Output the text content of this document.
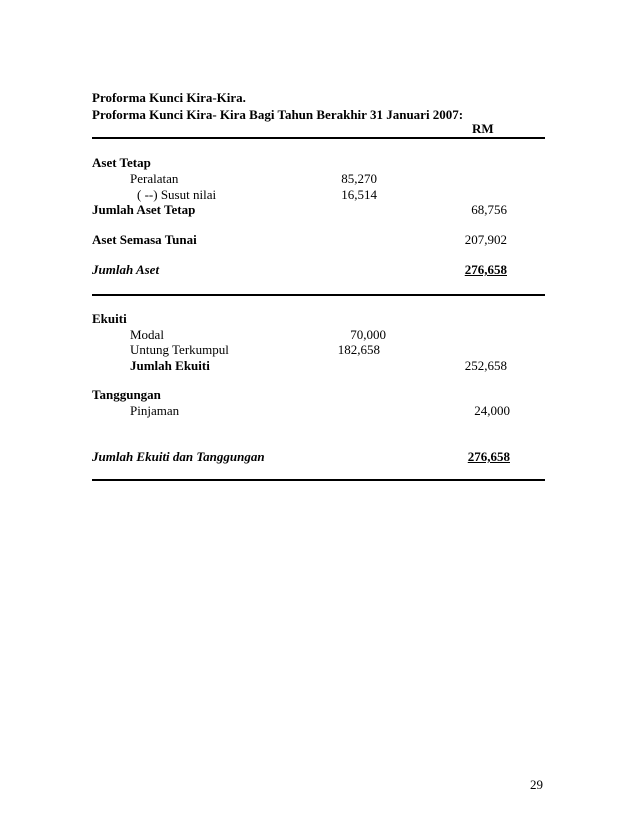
Proforma Kunci Kira-Kira.
Proforma Kunci Kira- Kira Bagi Tahun Berakhir 31 Januari 2007:
RM
Aset Tetap
Peralatan	85,270
( --) Susut nilai	16,514
Jumlah Aset Tetap	68,756
Aset Semasa Tunai	207,902
Jumlah Aset	276,658
Ekuiti
Modal	70,000
Untung Terkumpul	182,658
Jumlah Ekuiti	252,658
Tanggungan
Pinjaman	24,000
Jumlah Ekuiti dan Tanggungan	276,658
29
